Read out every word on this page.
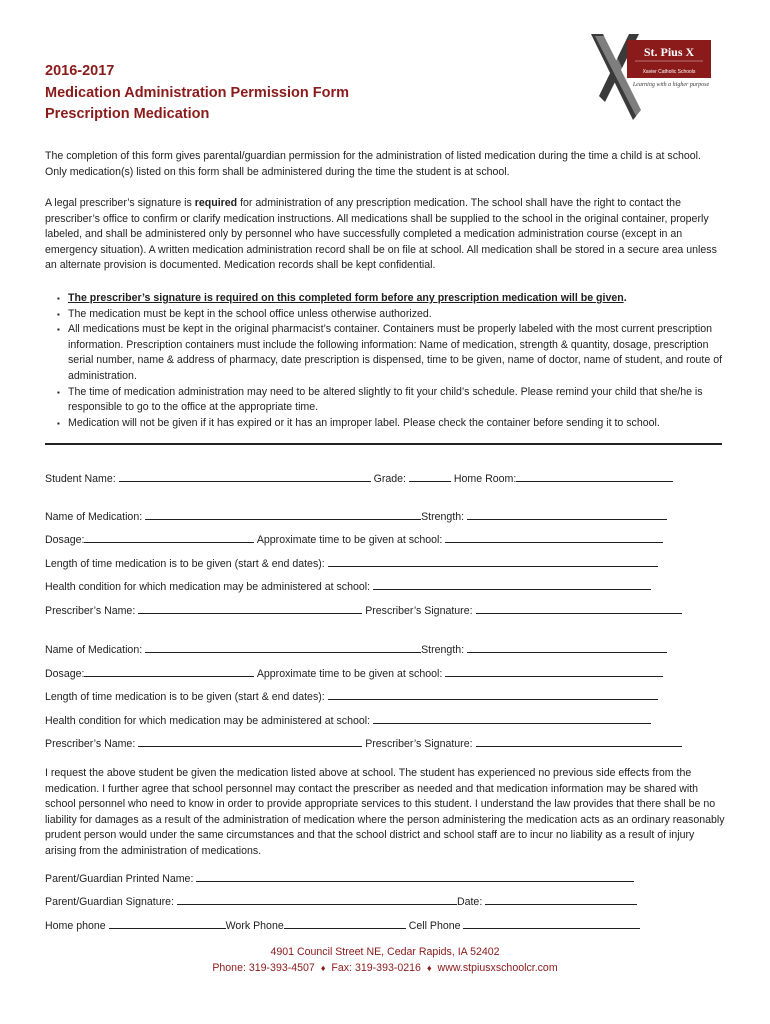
2016-2017
Medication Administration Permission Form
Prescription Medication
St. Pius X
Xavier Catholic Schools
Learning with a higher purpose
The completion of this form gives parental/guardian permission for the administration of listed medication during the time a child is at school. Only medication(s) listed on this form shall be administered during the time the student is at school.
A legal prescriber’s signature is required for administration of any prescription medication. The school shall have the right to contact the prescriber’s office to confirm or clarify medication instructions. All medications shall be supplied to the school in the original container, properly labeled, and shall be administered only by personnel who have successfully completed a medication administration course (except in an emergency situation). A written medication administration record shall be on file at school. All medication shall be stored in a secure area unless an alternate provision is documented. Medication records shall be kept confidential.
▪ The prescriber’s signature is required on this completed form before any prescription medication will be given.
▪ The medication must be kept in the school office unless otherwise authorized.
▪ All medications must be kept in the original pharmacist’s container. Containers must be properly labeled with the most current prescription information. Prescription containers must include the following information: Name of medication, strength & quantity, dosage, prescription serial number, name & address of pharmacy, date prescription is dispensed, time to be given, name of doctor, name of student, and route of administration.
▪ The time of medication administration may need to be altered slightly to fit your child’s schedule. Please remind your child that she/he is responsible to go to the office at the appropriate time.
▪ Medication will not be given if it has expired or it has an improper label. Please check the container before sending it to school.
Student Name:	Grade:	Home Room:
Name of Medication:	Strength:
Dosage:	Approximate time to be given at school:
Length of time medication is to be given (start & end dates):
Health condition for which medication may be administered at school:
Prescriber’s Name:	Prescriber’s Signature:
Name of Medication:	Strength:
Dosage:	Approximate time to be given at school:
Length of time medication is to be given (start & end dates):
Health condition for which medication may be administered at school:
Prescriber’s Name:	Prescriber’s Signature:
I request the above student be given the medication listed above at school. The student has experienced no previous side effects from the medication. I further agree that school personnel may contact the prescriber as needed and that medication information may be shared with school personnel who need to know in order to provide appropriate services to this student. I understand the law provides that there shall be no liability for damages as a result of the administration of medication where the person administering the medication acts as an ordinary reasonably prudent person would under the same circumstances and that the school district and school staff are to incur no liability as a result of injury arising from the administration of medications.
Parent/Guardian Printed Name:
Parent/Guardian Signature:	Date:
Home phone	Work Phone	Cell Phone
4901 Council Street NE, Cedar Rapids, IA 52402
Phone: 319-393-4507 ♦ Fax: 319-393-0216 ♦ www.stpiusxschoolcr.com
